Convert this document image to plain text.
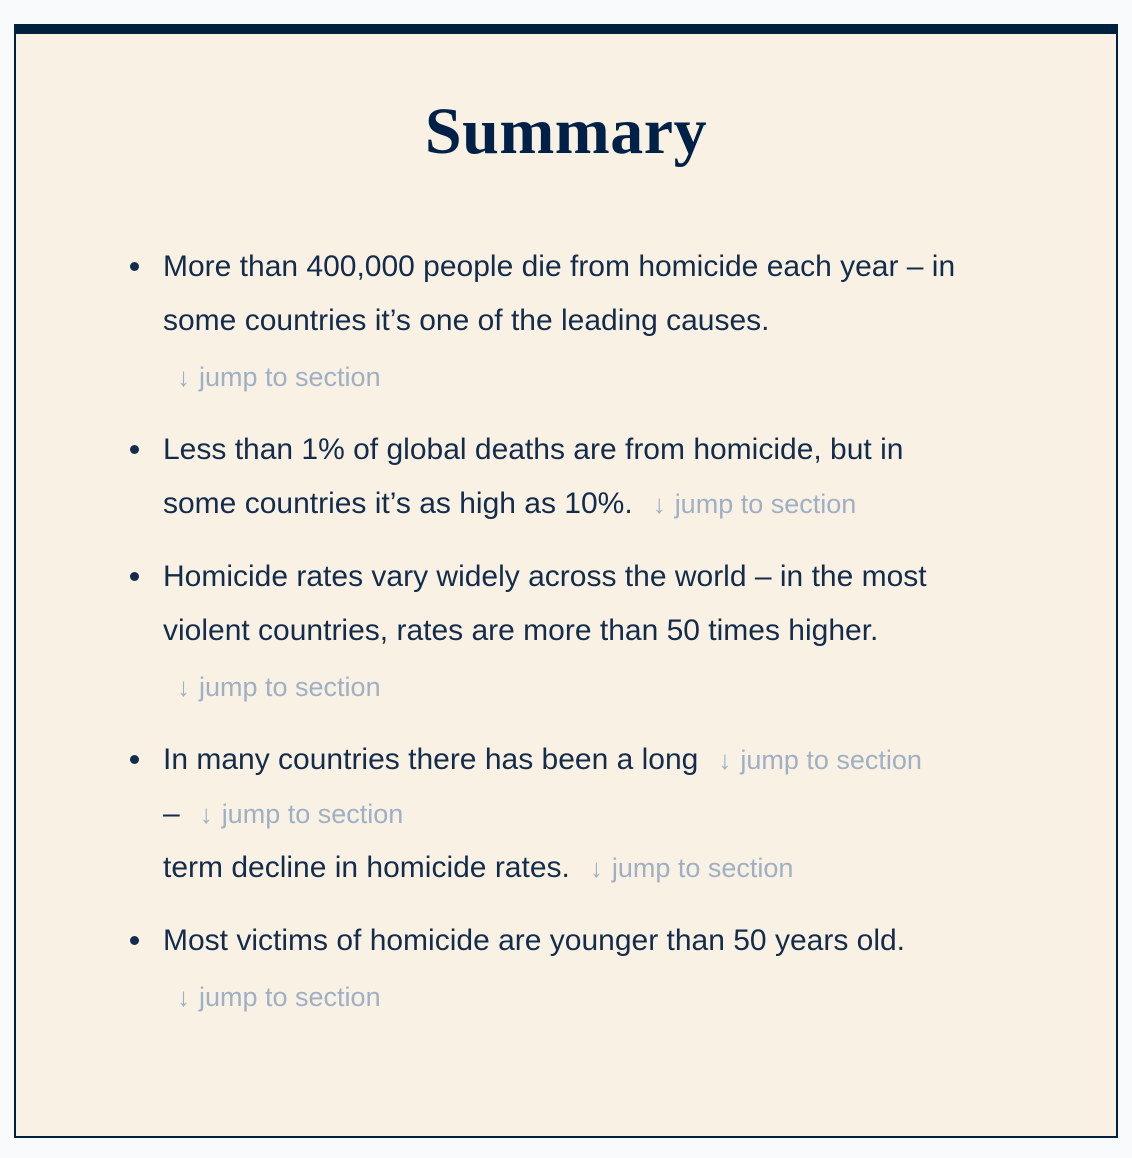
Summary
More than 400,000 people die from homicide each year – in some countries it’s one of the leading causes.
↓ jump to section
Less than 1% of global deaths are from homicide, but in some countries it’s as high as 10%. ↓ jump to section
Homicide rates vary widely across the world – in the most violent countries, rates are more than 50 times higher.
↓ jump to section
In many countries there has been a long ↓ jump to section
– ↓ jump to section
term decline in homicide rates. ↓ jump to section
Most victims of homicide are younger than 50 years old.
↓ jump to section
